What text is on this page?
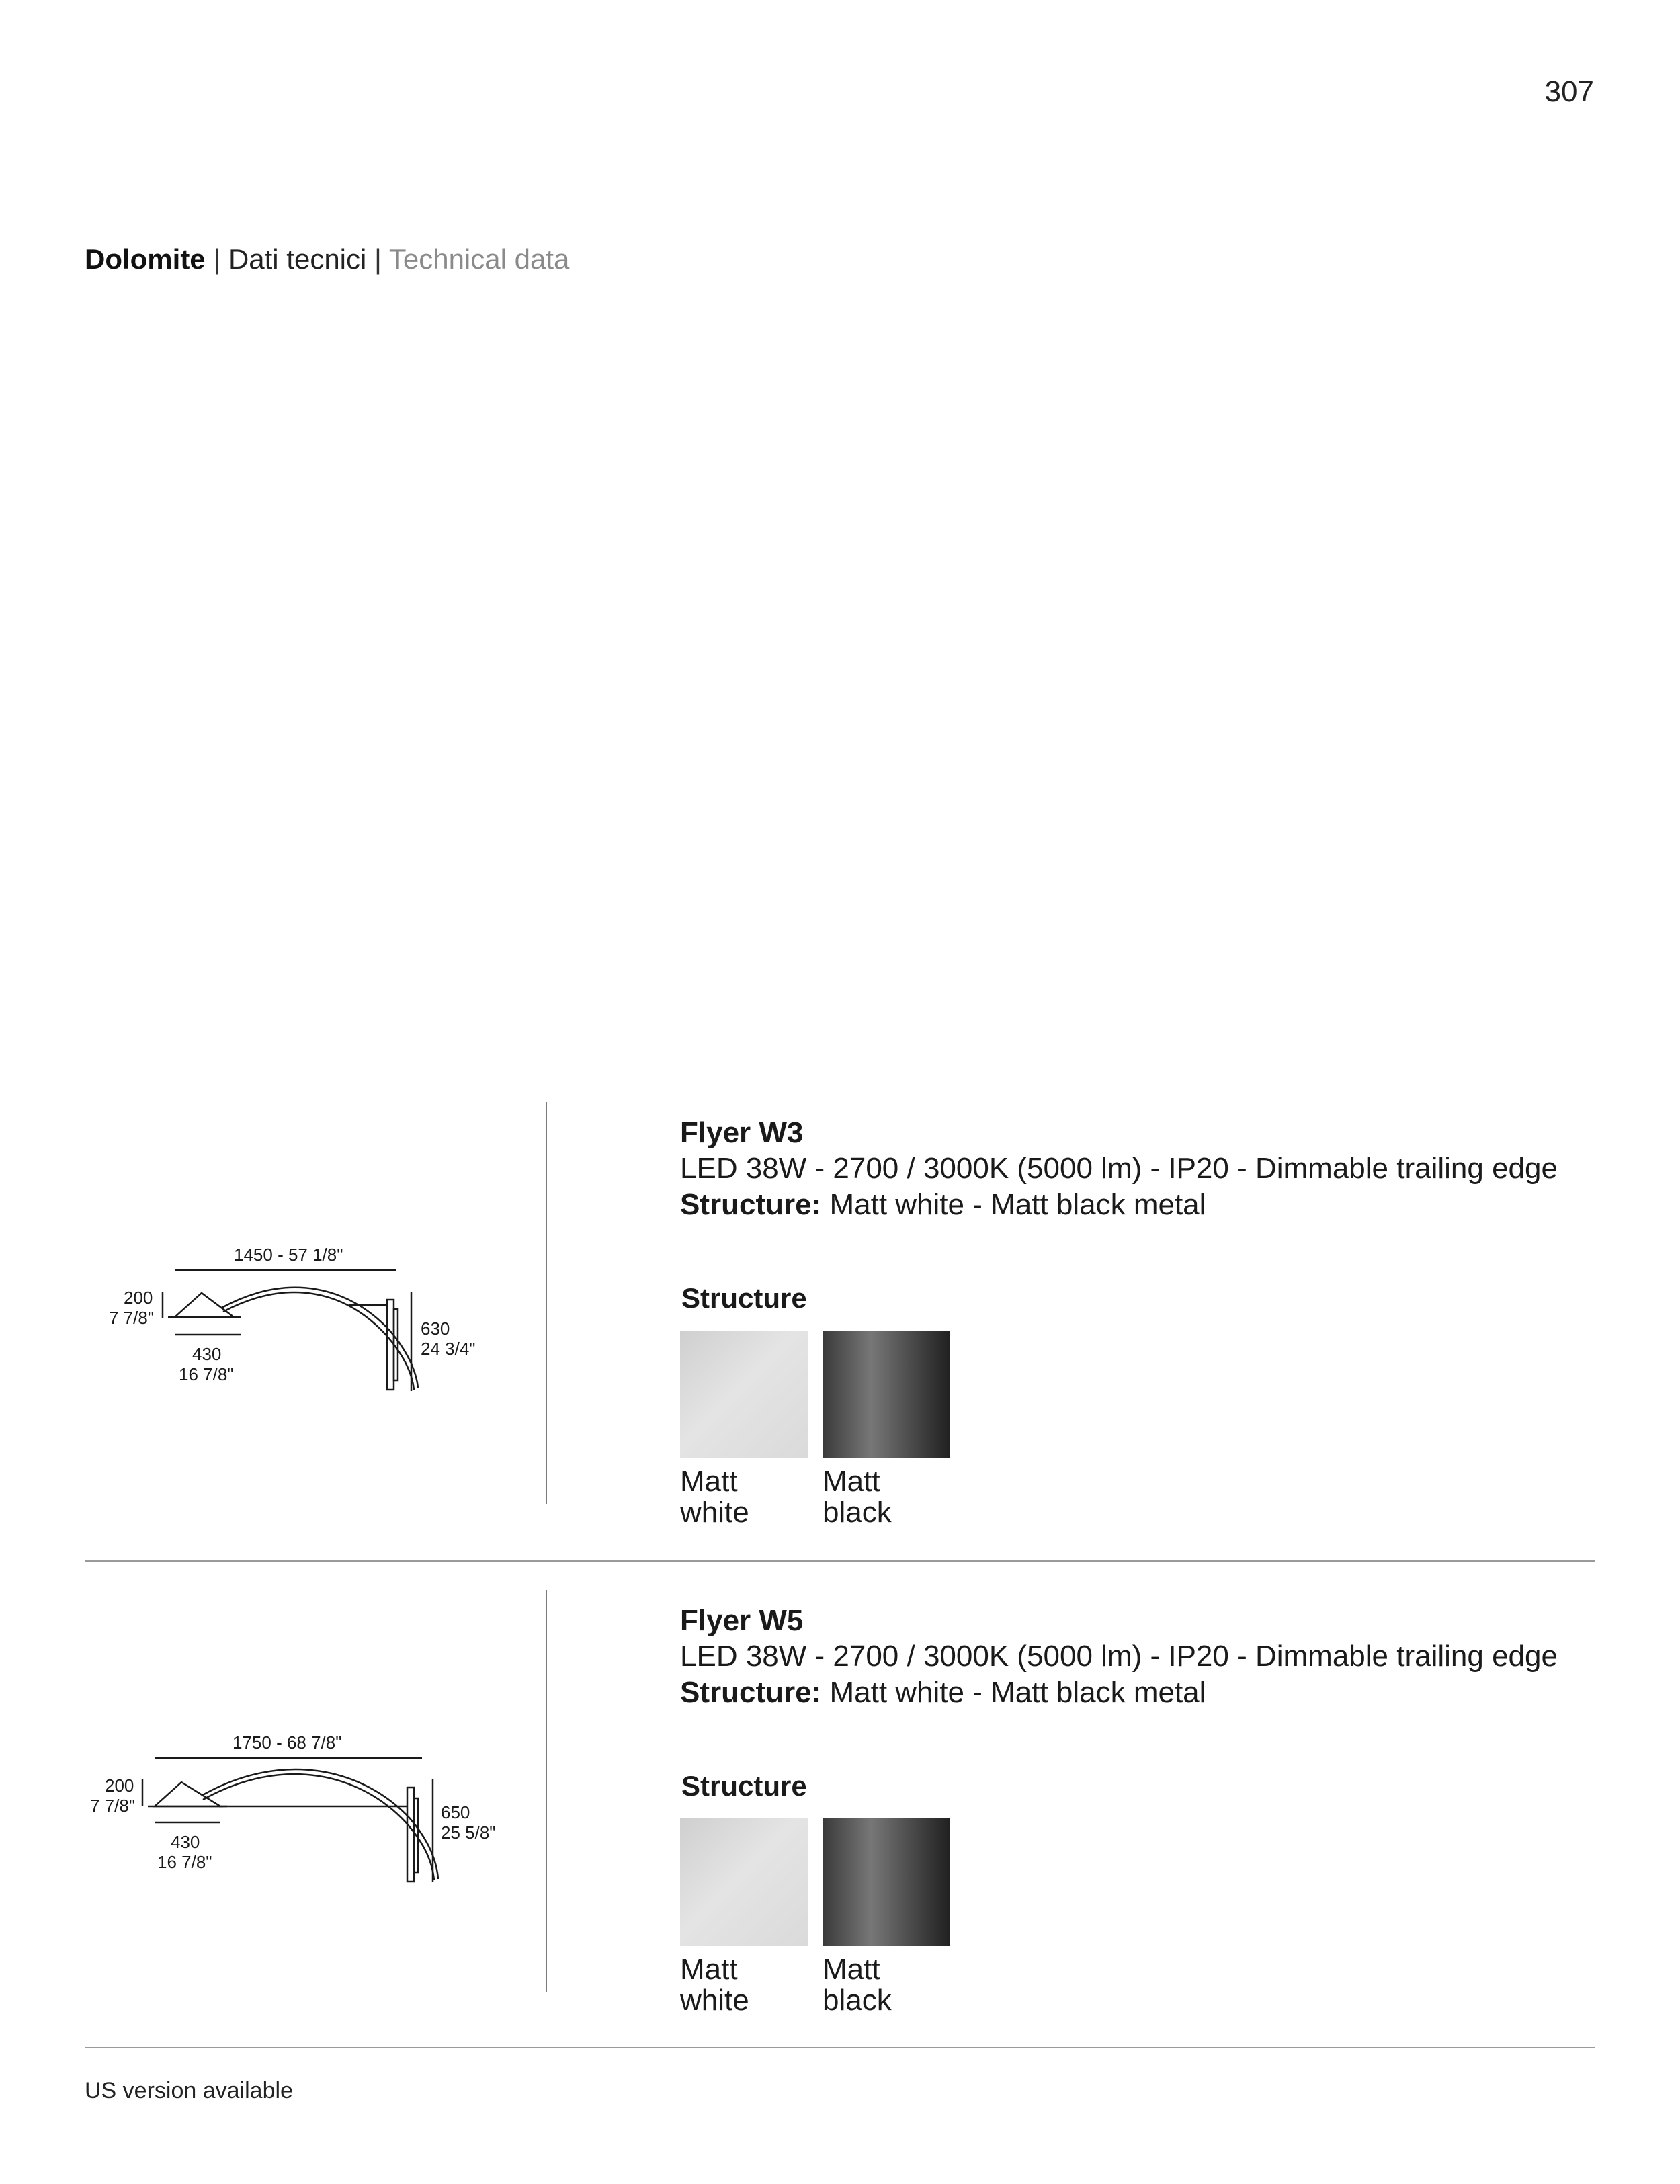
307
Dolomite | Dati tecnici | Technical data
1450 - 57 1/8"
200
7 7/8"
430
16 7/8"
630
24 3/4"

Flyer W3

LED 38W - 2700 / 3000K (5000 lm) - IP20 - Dimmable trailing edge

Structure: Matt white - Matt black metal

Structure
Matt
white
Matt
black
1750 - 68 7/8"
200
7 7/8"
430
16 7/8"
650
25 5/8"

Flyer W5

LED 38W - 2700 / 3000K (5000 lm) - IP20 - Dimmable trailing edge

Structure: Matt white - Matt black metal

Structure
Matt
white
Matt
black
US version available
